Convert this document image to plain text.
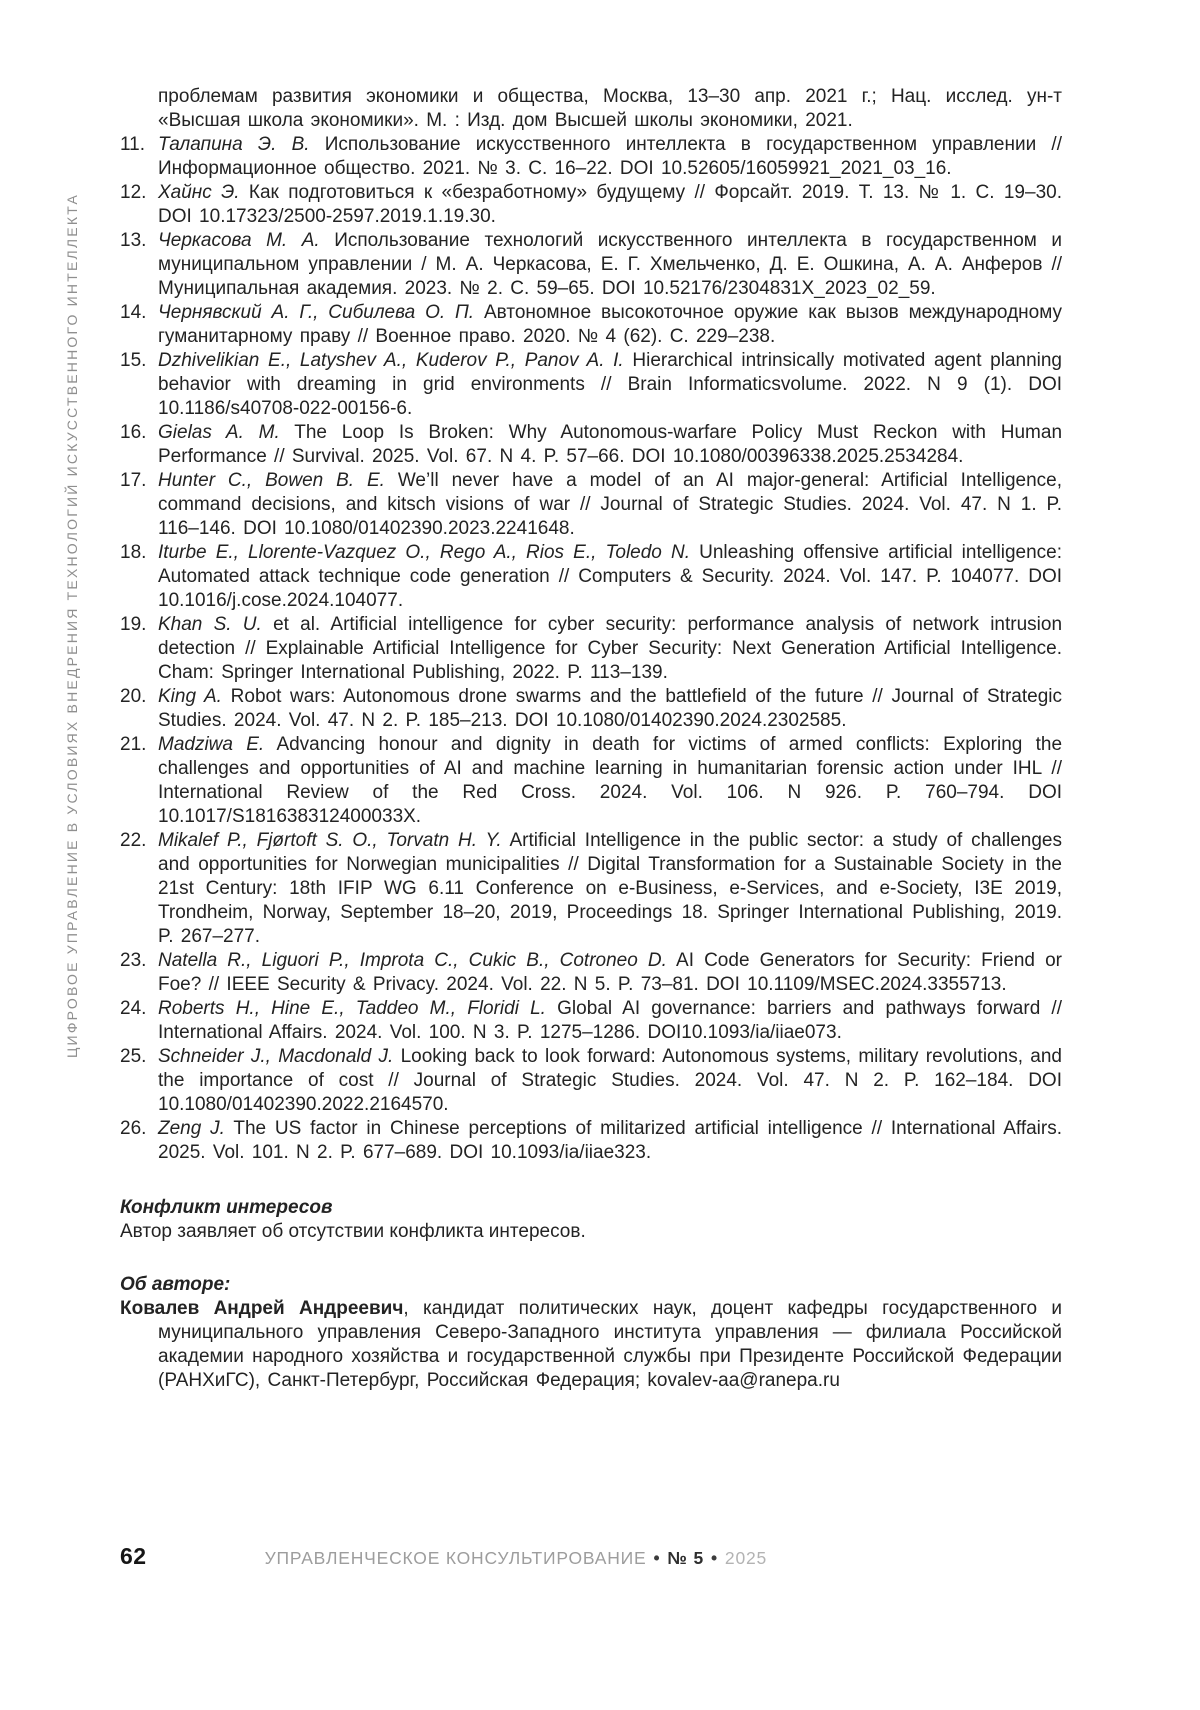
ЦИФРОВОЕ УПРАВЛЕНИЕ В УСЛОВИЯХ ВНЕДРЕНИЯ ТЕХНОЛОГИЙ ИСКУССТВЕННОГО ИНТЕЛЛЕКТА
проблемам развития экономики и общества, Москва, 13–30 апр. 2021 г.; Нац. исслед. ун-т «Высшая школа экономики». М. : Изд. дом Высшей школы экономики, 2021.
11. Талапина Э. В. Использование искусственного интеллекта в государственном управлении // Информационное общество. 2021. № 3. С. 16–22. DOI 10.52605/16059921_2021_03_16.
12. Хайнс Э. Как подготовиться к «безработному» будущему // Форсайт. 2019. Т. 13. № 1. С. 19–30. DOI 10.17323/2500-2597.2019.1.19.30.
13. Черкасова М. А. Использование технологий искусственного интеллекта в государственном и муниципальном управлении / М. А. Черкасова, Е. Г. Хмельченко, Д. Е. Ошкина, А. А. Анферов // Муниципальная академия. 2023. № 2. С. 59–65. DOI 10.52176/2304831X_2023_02_59.
14. Чернявский А. Г., Сибилева О. П. Автономное высокоточное оружие как вызов международному гуманитарному праву // Военное право. 2020. № 4 (62). С. 229–238.
15. Dzhivelikian E., Latyshev A., Kuderov P., Panov A. I. Hierarchical intrinsically motivated agent planning behavior with dreaming in grid environments // Brain Informaticsvolume. 2022. N 9 (1). DOI 10.1186/s40708-022-00156-6.
16. Gielas A. M. The Loop Is Broken: Why Autonomous-warfare Policy Must Reckon with Human Performance // Survival. 2025. Vol. 67. N 4. P. 57–66. DOI 10.1080/00396338.2025.2534284.
17. Hunter C., Bowen B. E. We’ll never have a model of an AI major-general: Artificial Intelligence, command decisions, and kitsch visions of war // Journal of Strategic Studies. 2024. Vol. 47. N 1. P. 116–146. DOI 10.1080/01402390.2023.2241648.
18. Iturbe E., Llorente-Vazquez O., Rego A., Rios E., Toledo N. Unleashing offensive artificial intelligence: Automated attack technique code generation // Computers & Security. 2024. Vol. 147. P. 104077. DOI 10.1016/j.cose.2024.104077.
19. Khan S. U. et al. Artificial intelligence for cyber security: performance analysis of network intrusion detection // Explainable Artificial Intelligence for Cyber Security: Next Generation Artificial Intelligence. Cham: Springer International Publishing, 2022. P. 113–139.
20. King A. Robot wars: Autonomous drone swarms and the battlefield of the future // Journal of Strategic Studies. 2024. Vol. 47. N 2. P. 185–213. DOI 10.1080/01402390.2024.2302585.
21. Madziwa E. Advancing honour and dignity in death for victims of armed conflicts: Exploring the challenges and opportunities of AI and machine learning in humanitarian forensic action under IHL // International Review of the Red Cross. 2024. Vol. 106. N 926. P. 760–794. DOI 10.1017/S181638312400033X.
22. Mikalef P., Fjørtoft S. O., Torvatn H. Y. Artificial Intelligence in the public sector: a study of challenges and opportunities for Norwegian municipalities // Digital Transformation for a Sustainable Society in the 21st Century: 18th IFIP WG 6.11 Conference on e-Business, e-Services, and e-Society, I3E 2019, Trondheim, Norway, September 18–20, 2019, Proceedings 18. Springer International Publishing, 2019. P. 267–277.
23. Natella R., Liguori P., Improta C., Cukic B., Cotroneo D. AI Code Generators for Security: Friend or Foe? // IEEE Security & Privacy. 2024. Vol. 22. N 5. P. 73–81. DOI 10.1109/MSEC.2024.3355713.
24. Roberts H., Hine E., Taddeo M., Floridi L. Global AI governance: barriers and pathways forward // International Affairs. 2024. Vol. 100. N 3. P. 1275–1286. DOI10.1093/ia/iiae073.
25. Schneider J., Macdonald J. Looking back to look forward: Autonomous systems, military revolutions, and the importance of cost // Journal of Strategic Studies. 2024. Vol. 47. N 2. P. 162–184. DOI 10.1080/01402390.2022.2164570.
26. Zeng J. The US factor in Chinese perceptions of militarized artificial intelligence // International Affairs. 2025. Vol. 101. N 2. P. 677–689. DOI 10.1093/ia/iiae323.
Конфликт интересов
Автор заявляет об отсутствии конфликта интересов.
Об авторе:
Ковалев Андрей Андреевич, кандидат политических наук, доцент кафедры государственного и муниципального управления Северо-Западного института управления — филиала Российской академии народного хозяйства и государственной службы при Президенте Российской Федерации (РАНХиГС), Санкт-Петербург, Российская Федерация; kovalev-aa@ranepa.ru
62	УПРАВЛЕНЧЕСКОЕ КОНСУЛЬТИРОВАНИЕ • № 5 • 2025
